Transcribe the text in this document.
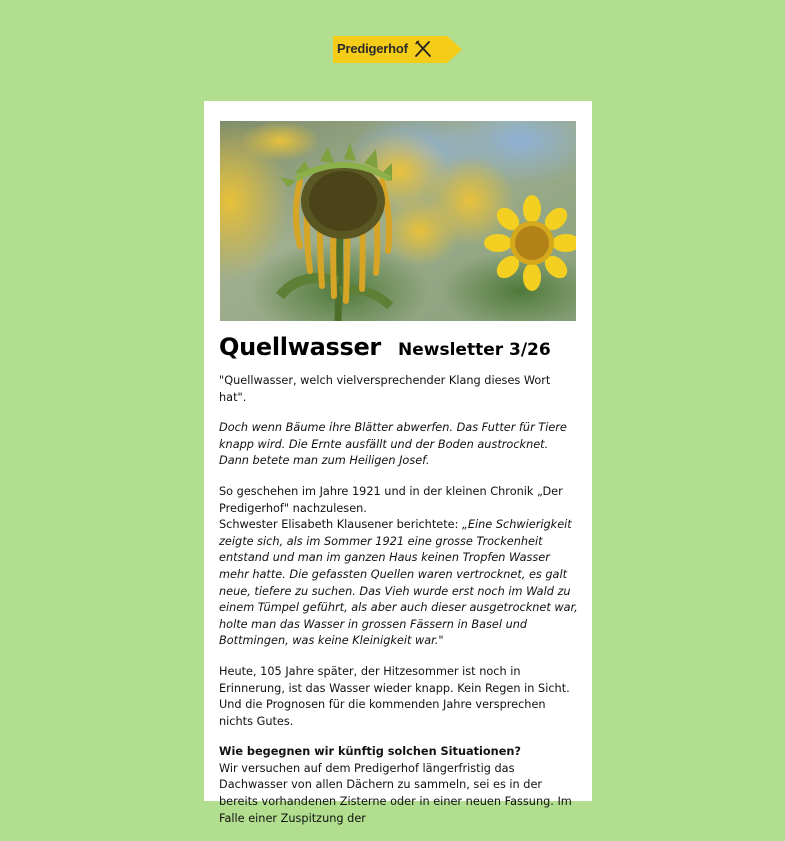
Predigerhof
Quellwasser Newsletter 3/26

"Quellwasser, welch vielversprechender Klang dieses Wort hat".

Doch wenn Bäume ihre Blätter abwerfen. Das Futter für Tiere knapp wird. Die Ernte ausfällt und der Boden austrocknet. Dann betete man zum Heiligen Josef.

So geschehen im Jahre 1921 und in der kleinen Chronik „Der Predigerhof" nachzulesen.
Schwester Elisabeth Klausener berichtete: „Eine Schwierigkeit zeigte sich, als im Sommer 1921 eine grosse Trockenheit entstand und man im ganzen Haus keinen Tropfen Wasser mehr hatte. Die gefassten Quellen waren vertrocknet, es galt neue, tiefere zu suchen. Das Vieh wurde erst noch im Wald zu einem Tümpel geführt, als aber auch dieser ausgetrocknet war, holte man das Wasser in grossen Fässern in Basel und Bottmingen, was keine Kleinigkeit war."

Heute, 105 Jahre später, der Hitzesommer ist noch in Erinnerung, ist das Wasser wieder knapp. Kein Regen in Sicht. Und die Prognosen für die kommenden Jahre versprechen nichts Gutes.

Wie begegnen wir künftig solchen Situationen?
Wir versuchen auf dem Predigerhof längerfristig das Dachwasser von allen Dächern zu sammeln, sei es in der bereits vorhandenen Zisterne oder in einer neuen Fassung. Im Falle einer Zuspitzung der
